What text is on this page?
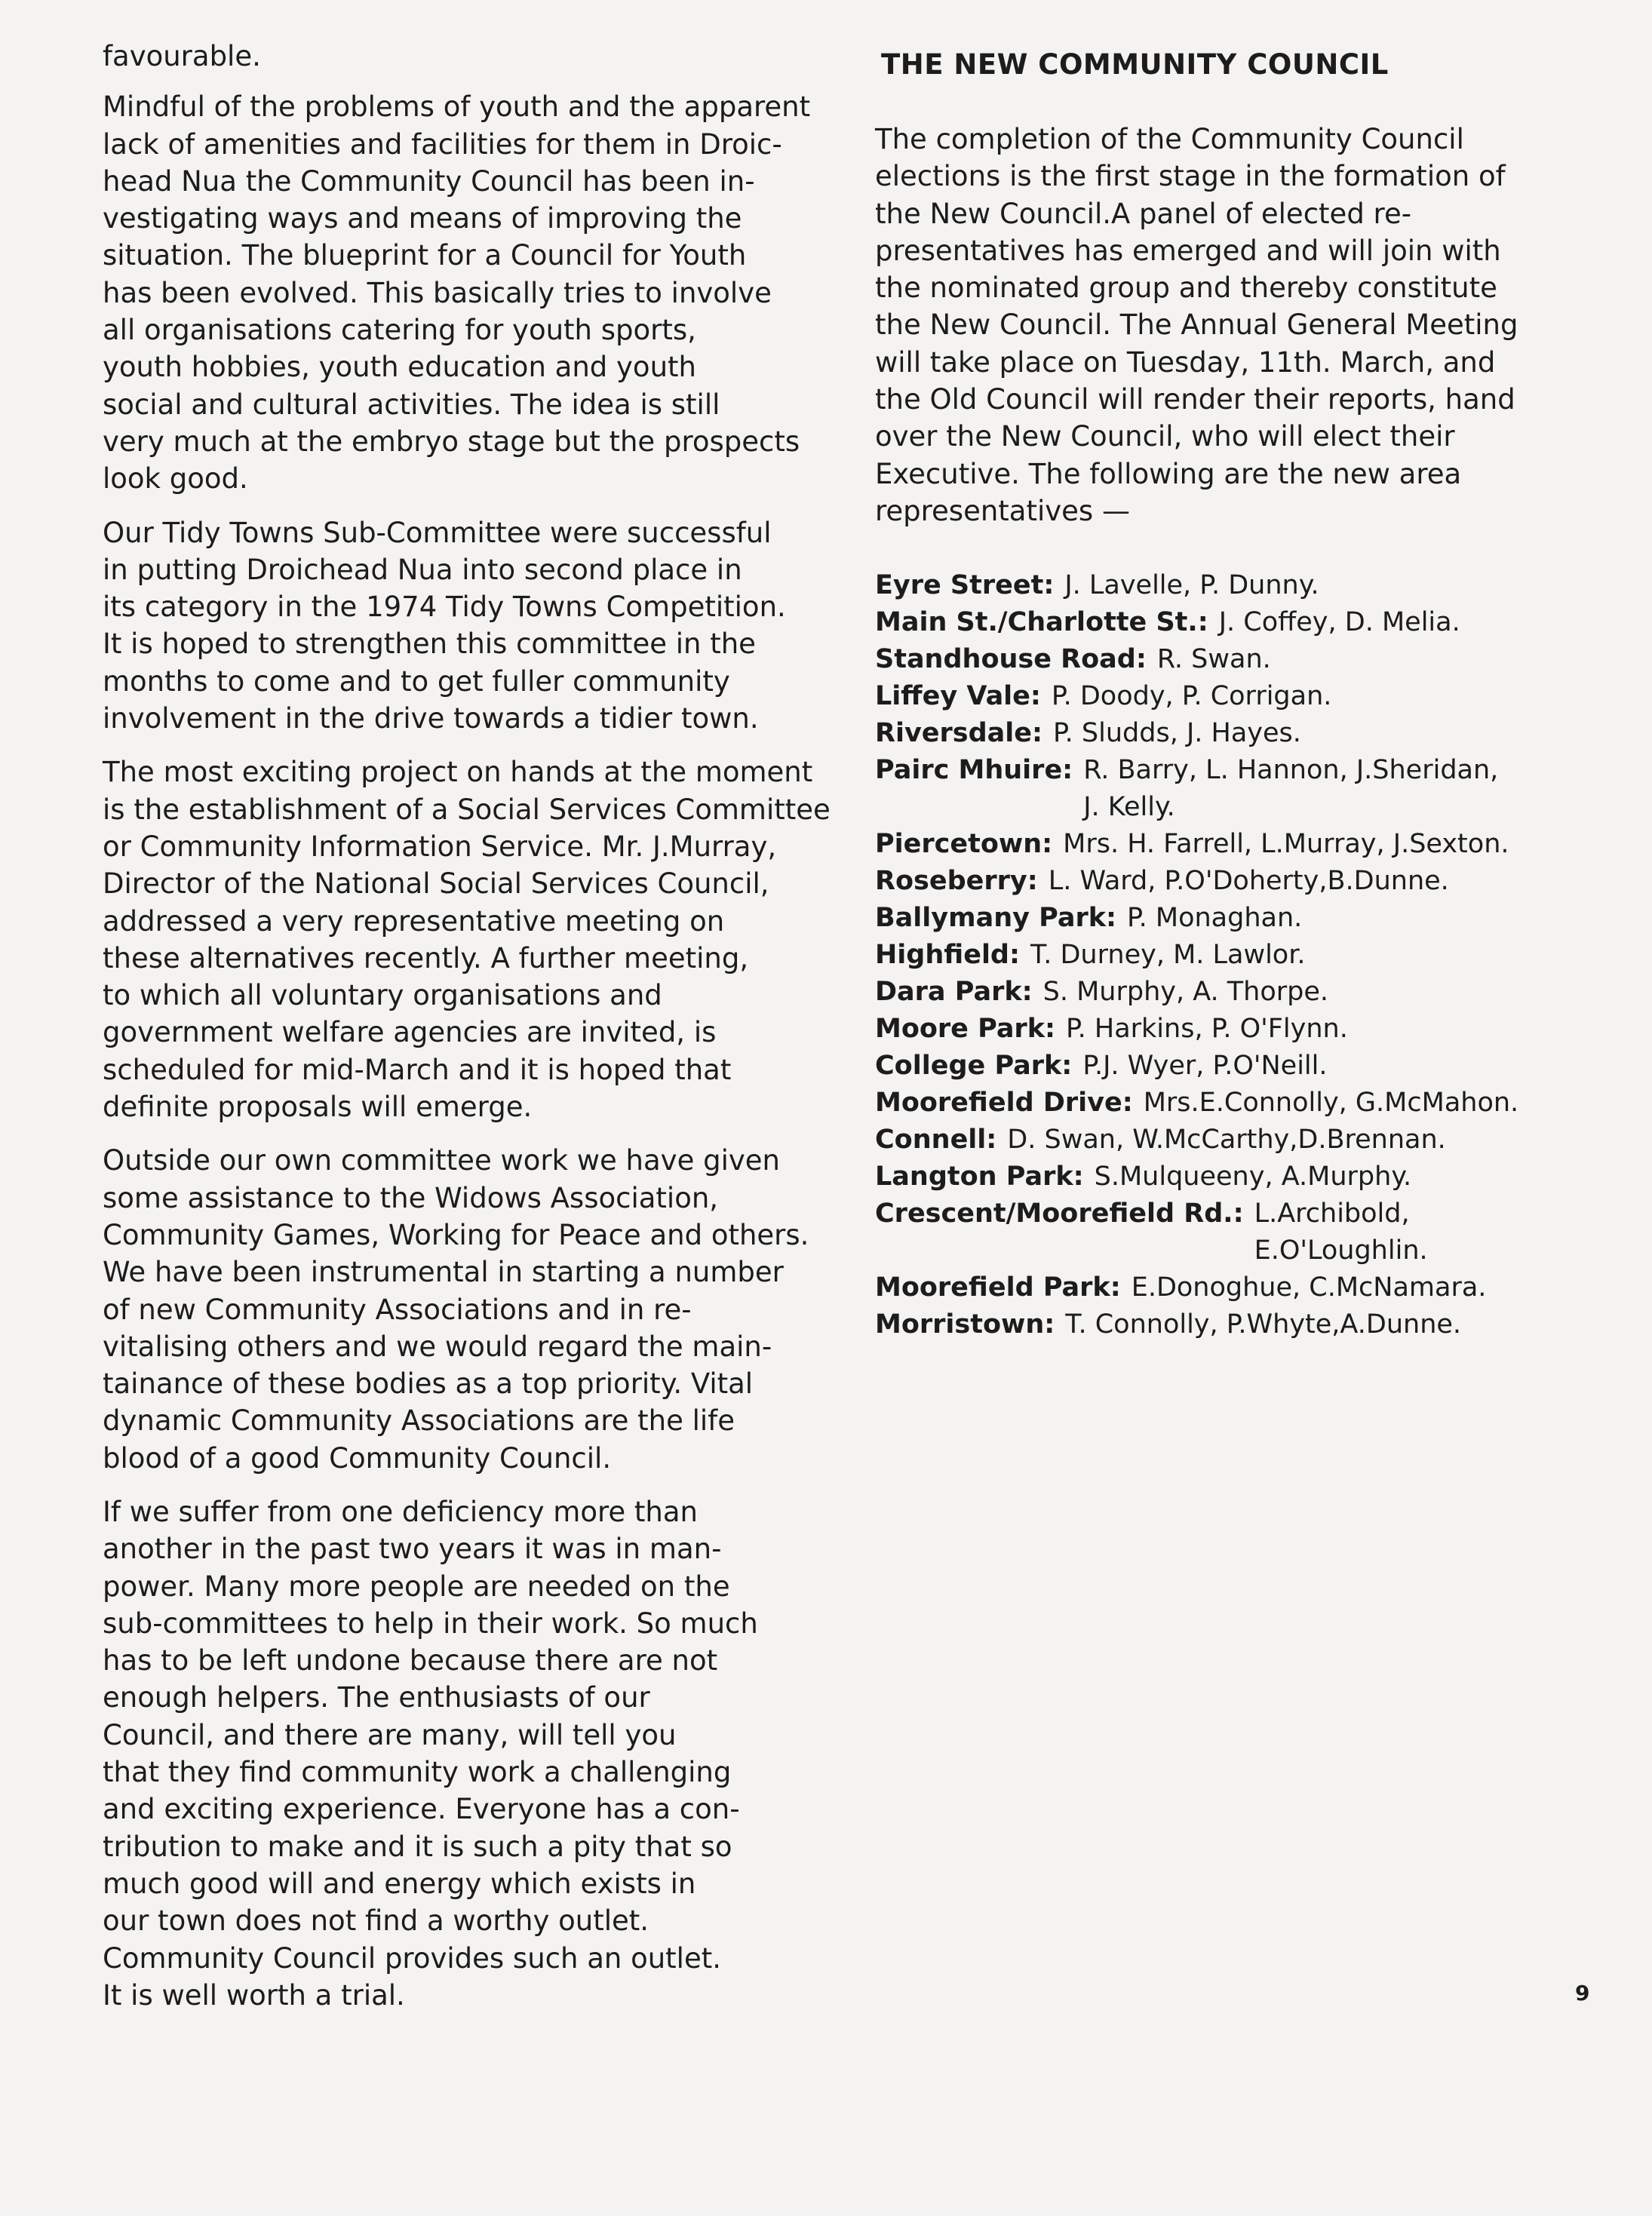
favourable.

Mindful of the problems of youth and the apparent
lack of amenities and facilities for them in Droic-
head Nua the Community Council has been in-
vestigating ways and means of improving the
situation. The blueprint for a Council for Youth
has been evolved. This basically tries to involve
all organisations catering for youth sports,
youth hobbies, youth education and youth
social and cultural activities. The idea is still
very much at the embryo stage but the prospects
look good.

Our Tidy Towns Sub-Committee were successful
in putting Droichead Nua into second place in
its category in the 1974 Tidy Towns Competition.
It is hoped to strengthen this committee in the
months to come and to get fuller community
involvement in the drive towards a tidier town.

The most exciting project on hands at the moment
is the establishment of a Social Services Committee
or Community Information Service. Mr. J.Murray,
Director of the National Social Services Council,
addressed a very representative meeting on
these alternatives recently. A further meeting,
to which all voluntary organisations and
government welfare agencies are invited, is
scheduled for mid-March and it is hoped that
definite proposals will emerge.

Outside our own committee work we have given
some assistance to the Widows Association,
Community Games, Working for Peace and others.
We have been instrumental in starting a number
of new Community Associations and in re-
vitalising others and we would regard the main-
tainance of these bodies as a top priority. Vital
dynamic Community Associations are the life
blood of a good Community Council.

If we suffer from one deficiency more than
another in the past two years it was in man-
power. Many more people are needed on the
sub-committees to help in their work. So much
has to be left undone because there are not
enough helpers. The enthusiasts of our
Council, and there are many, will tell you
that they find community work a challenging
and exciting experience. Everyone has a con-
tribution to make and it is such a pity that so
much good will and energy which exists in
our town does not find a worthy outlet.
Community Council provides such an outlet.
It is well worth a trial.

THE NEW COMMUNITY COUNCIL

The completion of the Community Council
elections is the first stage in the formation of
the New Council.A panel of elected re-
presentatives has emerged and will join with
the nominated group and thereby constitute
the New Council. The Annual General Meeting
will take place on Tuesday, 11th. March, and
the Old Council will render their reports, hand
over the New Council, who will elect their
Executive. The following are the new area
representatives —

Eyre Street: J. Lavelle, P. Dunny.
Main St./Charlotte St.: J. Coffey, D. Melia.
Standhouse Road: R. Swan.
Liffey Vale: P. Doody, P. Corrigan.
Riversdale: P. Sludds, J. Hayes.
Pairc Mhuire: R. Barry, L. Hannon, J.Sheridan,
J. Kelly.
Piercetown: Mrs. H. Farrell, L.Murray, J.Sexton.
Roseberry: L. Ward, P.O'Doherty,B.Dunne.
Ballymany Park: P. Monaghan.
Highfield: T. Durney, M. Lawlor.
Dara Park: S. Murphy, A. Thorpe.
Moore Park: P. Harkins, P. O'Flynn.
College Park: P.J. Wyer, P.O'Neill.
Moorefield Drive: Mrs.E.Connolly, G.McMahon.
Connell: D. Swan, W.McCarthy,D.Brennan.
Langton Park: S.Mulqueeny, A.Murphy.
Crescent/Moorefield Rd.: L.Archibold,
E.O'Loughlin.
Moorefield Park: E.Donoghue, C.McNamara.
Morristown: T. Connolly, P.Whyte,A.Dunne.
9
